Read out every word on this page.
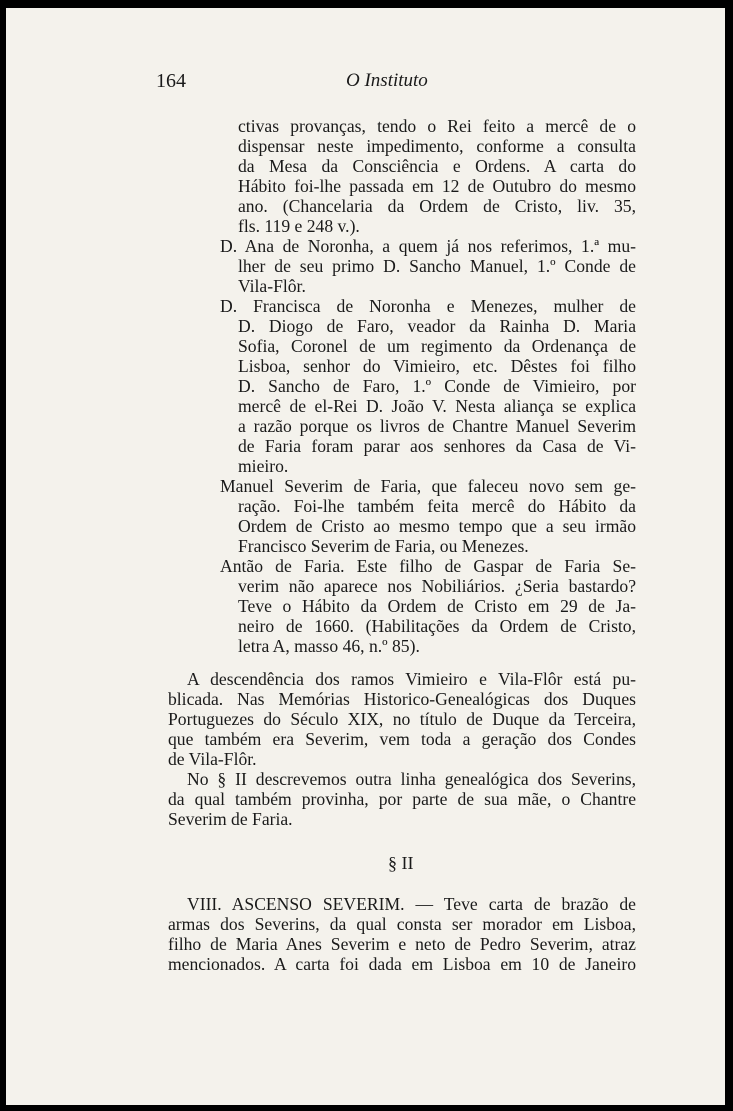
164	O Instituto
ctivas provanças, tendo o Rei feito a mercê de o
dispensar neste impedimento, conforme a consulta
da Mesa da Consciência e Ordens. A carta do
Hábito foi-lhe passada em 12 de Outubro do mesmo
ano. (Chancelaria da Ordem de Cristo, liv. 35,
fls. 119 e 248 v.).
D. Ana de Noronha, a quem já nos referimos, 1.ª mu-
lher de seu primo D. Sancho Manuel, 1.º Conde de
Vila-Flôr.
D. Francisca de Noronha e Menezes, mulher de
D. Diogo de Faro, veador da Rainha D. Maria
Sofia, Coronel de um regimento da Ordenança de
Lisboa, senhor do Vimieiro, etc. Dêstes foi filho
D. Sancho de Faro, 1.º Conde de Vimieiro, por
mercê de el-Rei D. João V. Nesta aliança se explica
a razão porque os livros de Chantre Manuel Severim
de Faria foram parar aos senhores da Casa de Vi-
mieiro.
Manuel Severim de Faria, que faleceu novo sem ge-
ração. Foi-lhe também feita mercê do Hábito da
Ordem de Cristo ao mesmo tempo que a seu irmão
Francisco Severim de Faria, ou Menezes.
Antão de Faria. Este filho de Gaspar de Faria Se-
verim não aparece nos Nobiliários. ¿Seria bastardo?
Teve o Hábito da Ordem de Cristo em 29 de Ja-
neiro de 1660. (Habilitações da Ordem de Cristo,
letra A, masso 46, n.º 85).
A descendência dos ramos Vimieiro e Vila-Flôr está pu-
blicada. Nas Memórias Historico-Genealógicas dos Duques
Portuguezes do Século XIX, no título de Duque da Terceira,
que também era Severim, vem toda a geração dos Condes
de Vila-Flôr.
No § II descrevemos outra linha genealógica dos Severins,
da qual também provinha, por parte de sua mãe, o Chantre
Severim de Faria.
§ II
VIII. ASCENSO SEVERIM. — Teve carta de brazão de
armas dos Severins, da qual consta ser morador em Lisboa,
filho de Maria Anes Severim e neto de Pedro Severim, atraz
mencionados. A carta foi dada em Lisboa em 10 de Janeiro
